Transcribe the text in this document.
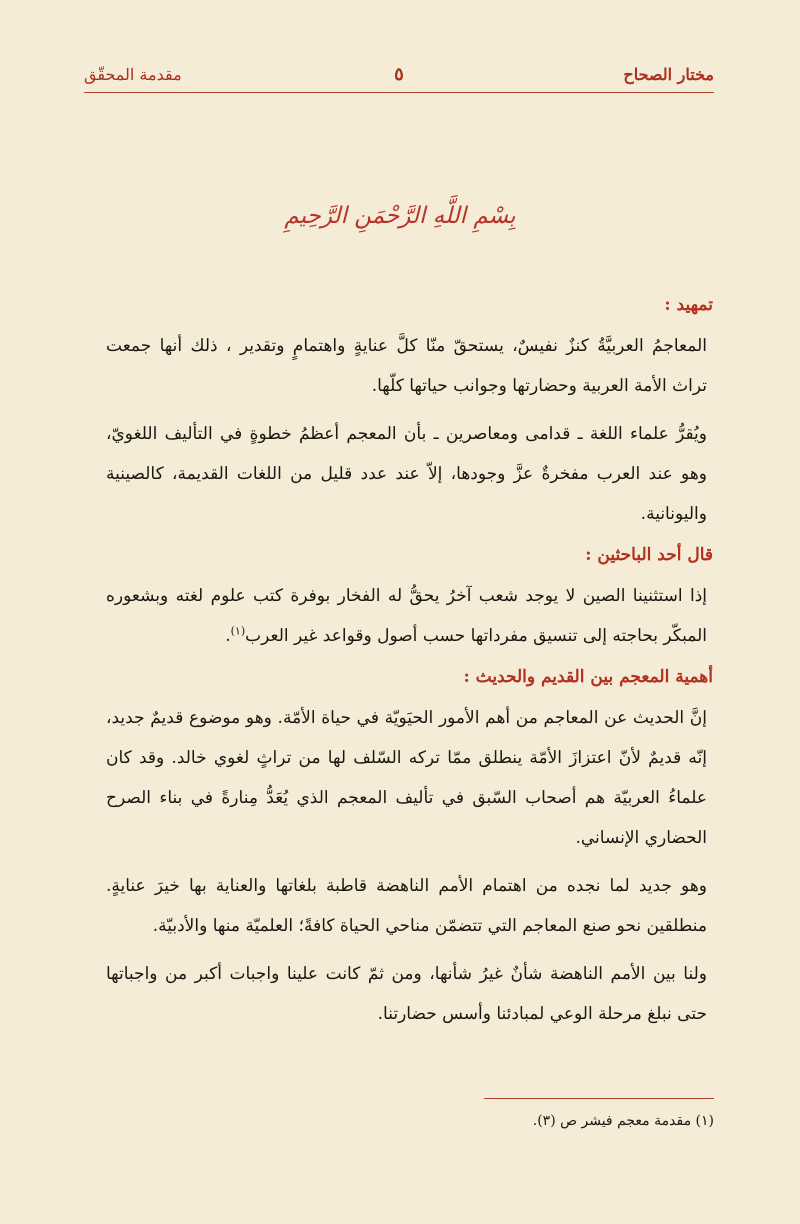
مختار الصحاح
٥
مقدمة المحقّق
بِسْمِ اللَّهِ الرَّحْمَنِ الرَّحِيمِ
تمهيد :

المعاجمُ العربيَّةُ كنزٌ نفيسٌ، يستحقّ منّا كلَّ عنايةٍ واهتمامٍ وتقدير ، ذلك أنها جمعت تراث الأمة العربية وحضارتها وجوانب حياتها كلّها.

ويُقرُّ علماء اللغة ـ قدامى ومعاصرين ـ بأن المعجم أعظمُ خطوةٍ في التأليف اللغويّ، وهو عند العرب مفخرةٌ عزَّ وجودها، إلاّ عند عدد قليل من اللغات القديمة، كالصينية واليونانية.

قال أحد الباحثين :

إذا استثنينا الصين لا يوجد شعب آخرُ يحقُّ له الفخار بوفرة كتب علوم لغته وبشعوره المبكّر بحاجته إلى تنسيق مفرداتها حسب أصول وقواعد غير العرب$^{(١)}$.

أهمية المعجم بين القديم والحديث :

إنَّ الحديث عن المعاجم من أهم الأمور الحيَويّة في حياة الأمّة. وهو موضوع قديمٌ جديد، إنّه قديمٌ لأنّ اعتزازَ الأمّة ينطلق ممّا تركه السّلف لها من تراثٍ لغوي خالد. وقد كان علماءُ العربيّة هم أصحاب السّبق في تأليف المعجم الذي يُعَدُّ مِنارةً في بناء الصرح الحضاري الإنساني.

وهو جديد لما نجده من اهتمام الأمم الناهضة قاطبة بلغاتها والعناية بها خيرَ عنايةٍ. منطلقين نحو صنع المعاجم التي تتضمّن مناحي الحياة كافةً؛ العلميّة منها والأدبيّة.

ولنا بين الأمم الناهضة شأنٌ غيرُ شأنها، ومن ثمّ كانت علينا واجبات أكبر من واجباتها حتى نبلغ مرحلة الوعي لمبادئنا وأسس حضارتنا.

(١) مقدمة معجم فيشر ص (٣).
